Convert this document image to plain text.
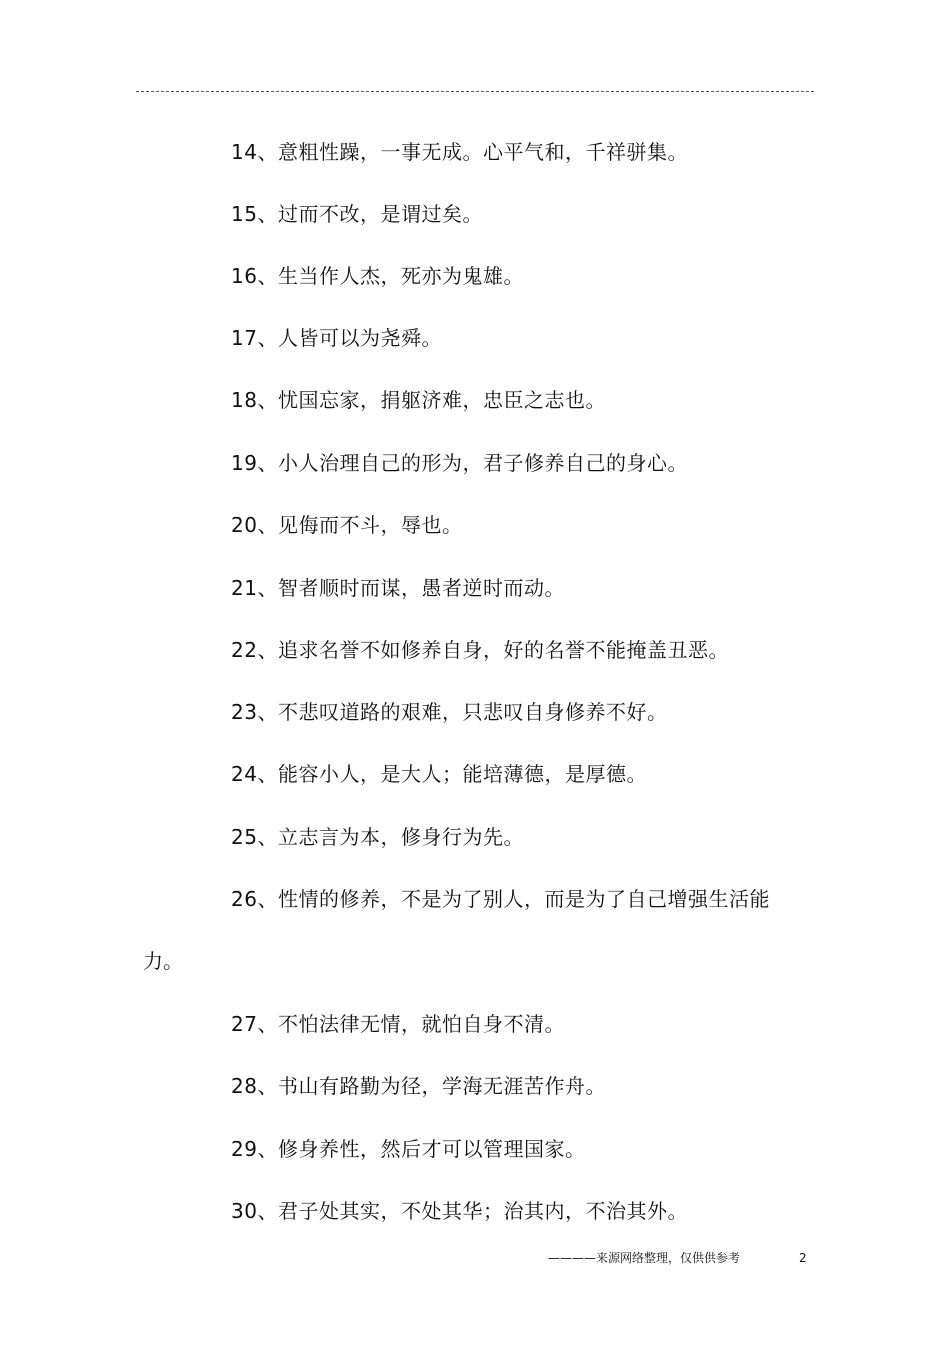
14、意粗性躁，一事无成。心平气和，千祥骈集。
15、过而不改，是谓过矣。
16、生当作人杰，死亦为鬼雄。
17、人皆可以为尧舜。
18、忧国忘家，捐躯济难，忠臣之志也。
19、小人治理自己的形为，君子修养自己的身心。
20、见侮而不斗，辱也。
21、智者顺时而谋，愚者逆时而动。
22、追求名誉不如修养自身，好的名誉不能掩盖丑恶。
23、不悲叹道路的艰难，只悲叹自身修养不好。
24、能容小人，是大人；能培薄德，是厚德。
25、立志言为本，修身行为先。
26、性情的修养，不是为了别人，而是为了自己增强生活能
力。
27、不怕法律无情，就怕自身不清。
28、书山有路勤为径，学海无涯苦作舟。
29、修身养性，然后才可以管理国家。
30、君子处其实，不处其华；治其内，不治其外。
————来源网络整理，仅供供参考	2
